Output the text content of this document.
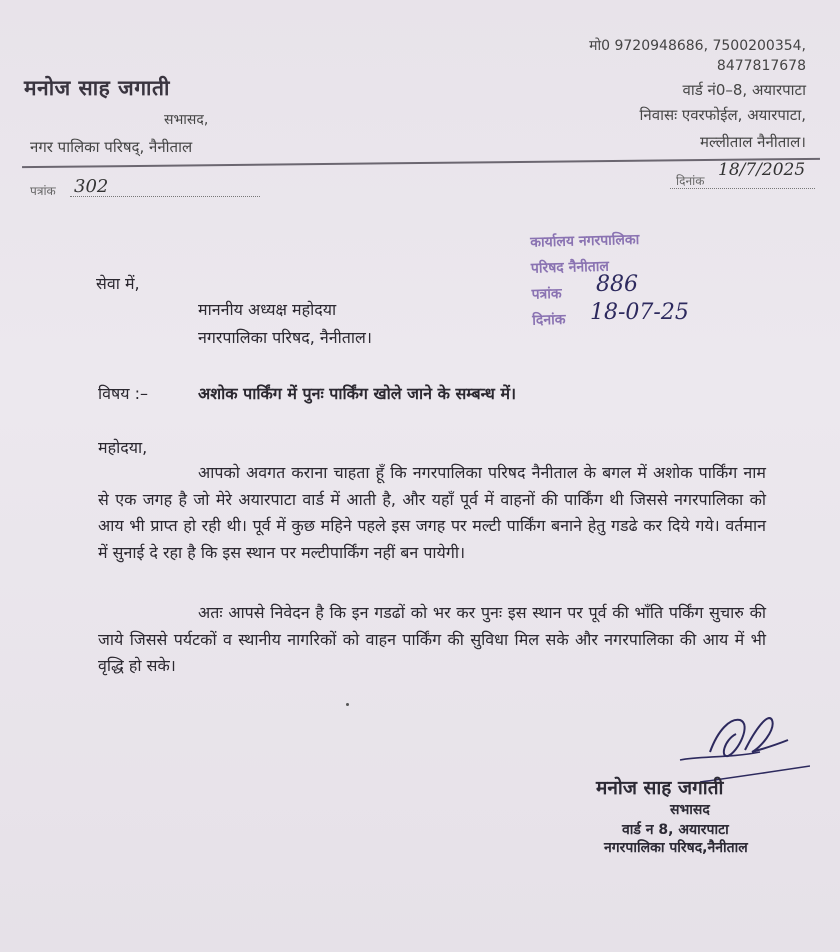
मनोज साह जगाती
सभासद,
नगर पालिका परिषद्, नैनीताल
मो0 9720948686, 7500200354,
8477817678
वार्ड नं0–8, अयारपाटा
निवासः एवरफोईल, अयारपाटा,
मल्लीताल नैनीताल।
पत्रांक 302	दिनांक
18/7/2025
कार्यालय नगरपालिका
परिषद नैनीताल
पत्रांक
दिनांक
886
18-07-25
सेवा में,
माननीय अध्यक्ष महोदया
नगरपालिका परिषद, नैनीताल।
विषय :–	अशोक पार्किंग में पुनः पार्किंग खोले जाने के सम्बन्ध में।
महोदया,
आपको अवगत कराना चाहता हूँ कि नगरपालिका परिषद नैनीताल के बगल में अशोक पार्किंग नाम से एक जगह है जो मेरे अयारपाटा वार्ड में आती है, और यहाँ पूर्व में वाहनों की पार्किंग थी जिससे नगरपालिका को आय भी प्राप्त हो रही थी। पूर्व में कुछ महिने पहले इस जगह पर मल्टी पार्किंग बनाने हेतु गडढे कर दिये गये। वर्तमान में सुनाई दे रहा है कि इस स्थान पर मल्टीपार्किंग नहीं बन पायेगी।
अतः आपसे निवेदन है कि इन गडढों को भर कर पुनः इस स्थान पर पूर्व की भाँति पर्किंग सुचारु की जाये जिससे पर्यटकों व स्थानीय नागरिकों को वाहन पार्किंग की सुविधा मिल सके और नगरपालिका की आय में भी वृद्धि हो सके।
मनोज साह जगाती
सभासद
वार्ड न 8, अयारपाटा
नगरपालिका परिषद,नैनीताल
